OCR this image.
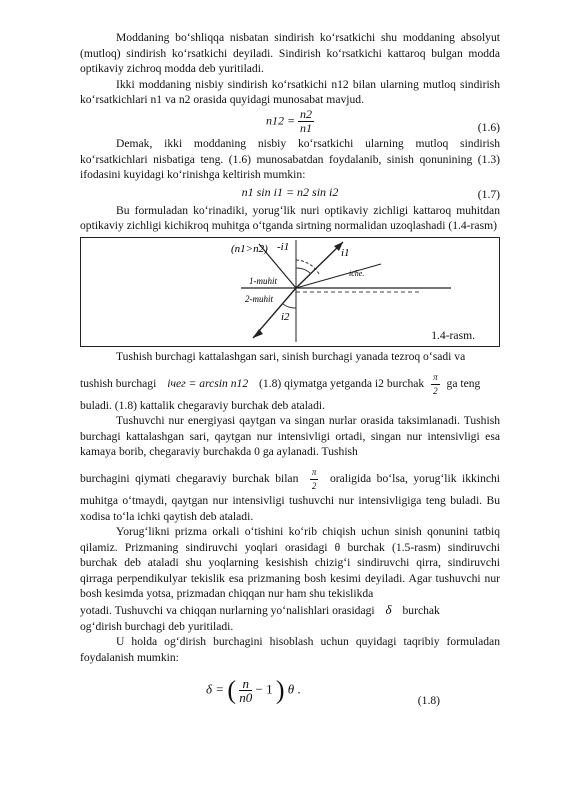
Moddaning bo‘shliqqa nisbatan sindirish ko‘rsatkichi shu moddaning absolyut (mutloq) sindirish ko‘rsatkichi deyiladi. Sindirish ko‘rsatkichi kattaroq bulgan modda optikaviy zichroq modda deb yuritiladi.

Ikki moddaning nisbiy sindirish ko‘rsatkichi n12 bilan ularning mutloq sindirish ko‘rsatkichlari n1 va n2 orasida quyidagi munosabat mavjud.

$n12 = \frac{n2}{n1}$	(1.6)

Demak, ikki moddaning nisbiy ko‘rsatkichi ularning mutloq sindirish ko‘rsatkichlari nisbatiga teng. (1.6) munosabatdan foydalanib, sinish qonunining (1.3) ifodasini kuyidagi ko‘rinishga keltirish mumkin:

n1 sin i1 = n2 sin i2	(1.7)

Bu formuladan ko‘rinadiki, yorug‘lik nuri optikaviy zichligi kattaroq muhitdan optikaviy zichligi kichikroq muhitga o‘tganda sirtning normalidan uzoqlashadi (1.4-rasm)

(n1>n2) -i1	i1
iche.
1-muhit
2-muhit
i2
1.4-rasm.

Tushish burchagi kattalashgan sari, sinish burchagi yanada tezroq o‘sadi va

tushish burchagi iчег = arcsin n12 (1.8) qiymatga yetganda i2 burchak $\frac{\pi}{2}$ ga teng

buladi. (1.8) kattalik chegaraviy burchak deb ataladi.

Tushuvchi nur energiyasi qaytgan va singan nurlar orasida taksimlanadi. Tushish burchagi kattalashgan sari, qaytgan nur intensivligi ortadi, singan nur intensivligi esa kamaya borib, chegaraviy burchakda 0 ga aylanadi. Tushish

burchagini qiymati chegaraviy burchak bilan $\frac{\pi}{2}$ oraligida bo‘lsa, yorug‘lik ikkinchi muhitga o‘tmaydi, qaytgan nur intensivligi tushuvchi nur intensivligiga teng buladi. Bu xodisa to‘la ichki qaytish deb ataladi.

Yorug‘likni prizma orkali o‘tishini ko‘rib chiqish uchun sinish qonunini tatbiq qilamiz. Prizmaning sindiruvchi yoqlari orasidagi θ burchak (1.5-rasm) sindiruvchi burchak deb ataladi shu yoqlarning kesishish chizig‘i sindiruvchi qirra, sindiruvchi qirraga perpendikulyar tekislik esa prizmaning bosh kesimi deyiladi. Agar tushuvchi nur bosh kesimda yotsa, prizmadan chiqqan nur ham shu tekislikda

yotadi. Tushuvchi va chiqqan nurlarning yo‘nalishlari orasidagi δ burchak

og‘dirish burchagi deb yuritiladi.

U holda og‘dirish burchagini hisoblash uchun quyidagi taqribiy formuladan foydalanish mumkin:

δ = ( $\frac{n}{n0} - 1$ ) θ .
(1.8)
